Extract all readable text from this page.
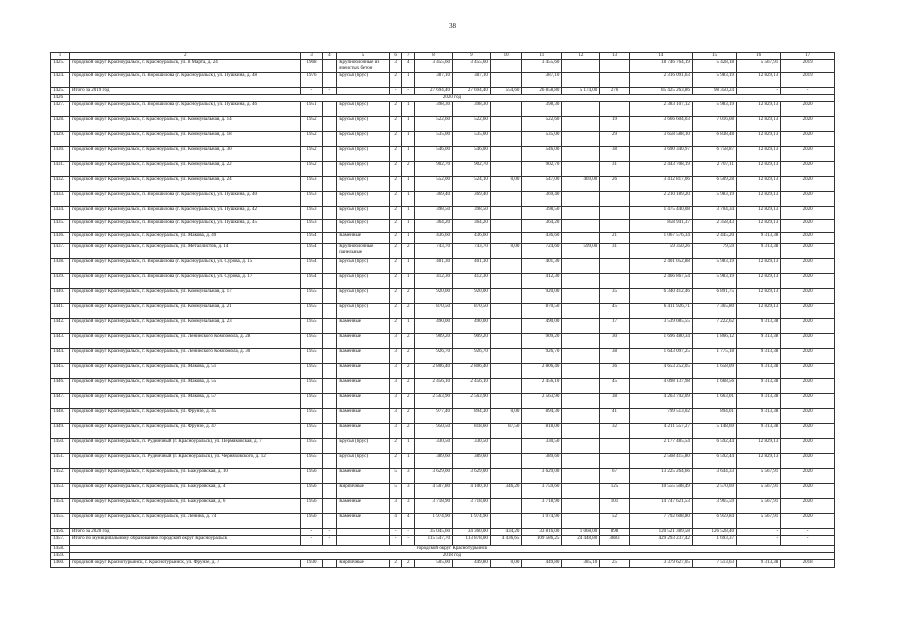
38
1	2	3	4	5	6	7	8	9	10	11	12	13	14	15	16	17
1425.	городской округ Красноуральск, г. Красноуральск, ул. 8 Марта, д. 24	1968		Крупноблочные из ячеистых бетон	3	4	3 455,60	3 455,60		3 455,60			18 746 764,19	5 428,18	5 567,91	2019
1424.	городской округ Красноуральск, п. Ворошилова (г. Красноуральск), ул. Пушкина, д. 48	1976		Брусья (брус)	2	1	387,10	387,10		387,10			2 316 091,63	5 983,19	12 829,13	2019
1425.	Итого за 2019 год	-	-		-	-	27 694,40	27 694,40	554,60	26 858,80	5 174,00	276	85 425 263,86	98 350,24	-	-
1426	2020 год															
1427.	городской округ Красноуральск, п. Ворошилова (г. Красноуральск), ул. Пушкина, д. 46	1951		Брусья (брус)	2	1	398,30	398,30		398,30			2 383 107,12	5 983,19	12 829,13	2020
1428.	городской округ Красноуральск, г. Красноуральск, ул. Коммунальная, д. 14	1952		Брусья (брус)	2	1	522,60	522,60		522,60		19	3 666 604,03	7 016,08	12 829,13	2020
1429.	городской округ Красноуральск, г. Красноуральск, ул. Коммунальная, д. 18	1952		Брусья (брус)	2	1	535,00	535,00		535,00		29	3 658 588,10	6 838,48	12 829,13	2020
1430.	городской округ Красноуральск, г. Красноуральск, ул. Коммунальная, д. 30	1952		Брусья (брус)	2	1	546,00	546,00		546,00		38	3 690 340,97	6 758,87	12 829,13	2020
1431.	городской округ Красноуральск, г. Красноуральск, ул. Коммунальная, д. 22	1952		Брусья (брус)	2	2	902,70	902,70		902,70		31	2 443 708,19	2 707,11	12 829,13	2020
1432.	городской округ Красноуральск, г. Красноуральск, ул. Коммунальная, д. 24	1953		Брусья (брус)	2	1	552,00	524,10	0,00	547,00	469,00	26	3 412 817,06	6 509,28	12 829,13	2020
1433.	городской округ Красноуральск, п. Ворошилова (г. Красноуральск), ул. Пушкина, д. 40	1953		Брусья (брус)	2	1	369,40	369,40		369,40			2 210 189,20	5 983,19	12 829,13	2020
1434.	городской округ Красноуральск, п. Ворошилова (г. Красноуральск), ул. Пушкина, д. 42	1953		Брусья (брус)	2	1	398,50	398,50		398,50			1 475 440,08	3 704,34	12 829,13	2020
1435.	городской округ Красноуральск, п. Ворошилова (г. Красноуральск), ул. Пушкина, д. 45	1953		Брусья (брус)	2	1	364,20	364,20		364,20			858 941,37	2 358,43	12 829,13	2020
1436.	городской округ Красноуральск, г. Красноуральск, ул. Макова, д. 49	1954		Каменные	2	1	436,60	436,60		436,60		21	1 067 576,34	2 445,20	9 313,38	2020
1437.	городской округ Красноуральск, г. Красноуральск, ул. Металлистов, д. 14	1954		Крупноблочные панельные	2	2	743,70	743,70	0,00	724,60	599,00	31	59 350,26	79,59	9 313,38	2020
1438.	городской округ Красноуральск, п. Ворошилова (г. Красноуральск), ул. Сурова, д. 15	1954		Брусья (брус)	2	1	401,30	401,30		401,30			2 401 052,88	5 983,19	12 829,13	2020
1439.	городской округ Красноуральск, п. Ворошилова (г. Красноуральск), ул. Сурова, д. 17	1954		Брусья (брус)	2	1	412,30	412,30		412,30			2 466 867,54	5 983,19	12 829,13	2020
1440.	городской округ Красноуральск, г. Красноуральск, ул. Коммунальная, д. 17	1955		Брусья (брус)	2	2	920,00	920,00		920,00		35	6 340 412,46	6 891,75	12 829,13	2020
1441.	городской округ Красноуральск, г. Красноуральск, ул. Коммунальная, д. 21	1955		Брусья (брус)	2	2	870,50	870,50		870,50		45	6 411 926,71	7 365,80	12 829,13	2020
1442.	городской округ Красноуральск, г. Красноуральск, ул. Коммунальная, д. 23	1955		Каменные	2	1	490,00	490,00		490,00		17	3 539 085,55	7 222,62	9 313,38	2020
1443.	городской округ Красноуральск, г. Красноуральск, ул. Ленинского Комсомола, д. 28	1955		Каменные	3	2	909,20	909,20		909,20		30	1 696 480,34	1 866,12	9 313,38	2020
1444.	городской округ Красноуральск, г. Красноуральск, ул. Ленинского Комсомола, д. 30	1955		Каменные	3	2	926,70	926,70		926,70		38	1 643 097,25	1 775,18	9 313,38	2020
1445.	городской округ Красноуральск, г. Красноуральск, ул. Макова, д. 51	1955		Каменные	3	2	2 806,40	2 806,40		2 806,40		36	4 653 252,05	1 658,09	9 313,38	2020
1446.	городской округ Красноуральск, г. Красноуральск, ул. Макова, д. 55	1955		Каменные	3	2	2 456,10	2 456,10		2 456,10		45	4 098 137,98	1 668,56	9 313,38	2020
1447.	городской округ Красноуральск, г. Красноуральск, ул. Макова, д. 57	1955		Каменные	3	2	2 563,90	2 563,90		2 563,90		38	4 263 792,09	1 663,01	9 313,38	2020
1448.	городской округ Красноуральск, г. Красноуральск, ул. Фрунзе, д. 45	1955		Каменные	3	2	977,40	894,30	0,00	894,30		41	799 513,02	894,01	9 313,38	2020
1449.	городской округ Красноуральск, г. Красноуральск, ул. Фрунзе, д. 47	1955		Каменные	3	2	950,50	818,60	87,50	818,00		32	4 211 557,27	5 148,69	9 313,38	2020
1450.	городской округ Красноуральск, п. Рудничный (г. Красноуральск), ул. Пермяковская, д. 7	1955		Брусья (брус)	2	1	330,50	330,50		330,50			2 177 485,54	6 592,44	12 829,13	2020
1451.	городской округ Красноуральск, п. Рудничный (г. Красноуральск), ул. Черняховского, д. 12	1955		Брусья (брус)	2	1	389,60	389,60		389,60			2 568 415,80	6 592,44	12 829,13	2020
1452.	городской округ Красноуральск, г. Красноуральск, ул. Бажуровская, д. 10	1956		Каменные	5	3	3 629,00	3 629,00		3 629,00		67	13 225 264,66	3 644,33	5 567,91	2020
1453.	городской округ Красноуральск, г. Красноуральск, ул. Бажуровская, д. 4	1956		Кирпичные	5	3	4 507,80	4 100,10	346,20	3 759,60		125	10 555 508,49	2 570,69	5 567,91	2020
1454.	городской округ Красноуральск, г. Красноуральск, ул. Бажуровская, д. 6	1956		Каменные	3	3	3 718,90	3 718,00		3 718,90		101	14 747 621,53	3 965,59	5 567,91	2020
1455.	городской округ Красноуральск, г. Красноуральск, ул. Ленина, д. 74	1956		Каменные	4	4	1 974,90	1 974,90		1 974,90		52	7 792 608,80	6 959,84	5 567,91	2020
1456.	Итого за 2020 год	-	-		-	-	35 045,60	34 360,00	434,20	33 816,00	1 068,00	898	120 521 389,58	126 528,40	-	-
1457.	Итого по муниципальному образованию городской округ Красноуральск	-	-		-	-	115 547,70	113 878,00	4 436,65	109 586,25	24 448,80	3883	429 293 237,42	1 693,37	-	-
1458.	городской округ Краснотурьинск															
1459.	2018 год															
1460.	городской округ Краснотурьинск, г. Краснотурьинск, ул. Фрунзе, д. 7	1930		Кирпичные	2	2	505,00	449,80	0,00	449,80	385,10	25	3 379 627,05	7 513,63	9 313,38	2018
